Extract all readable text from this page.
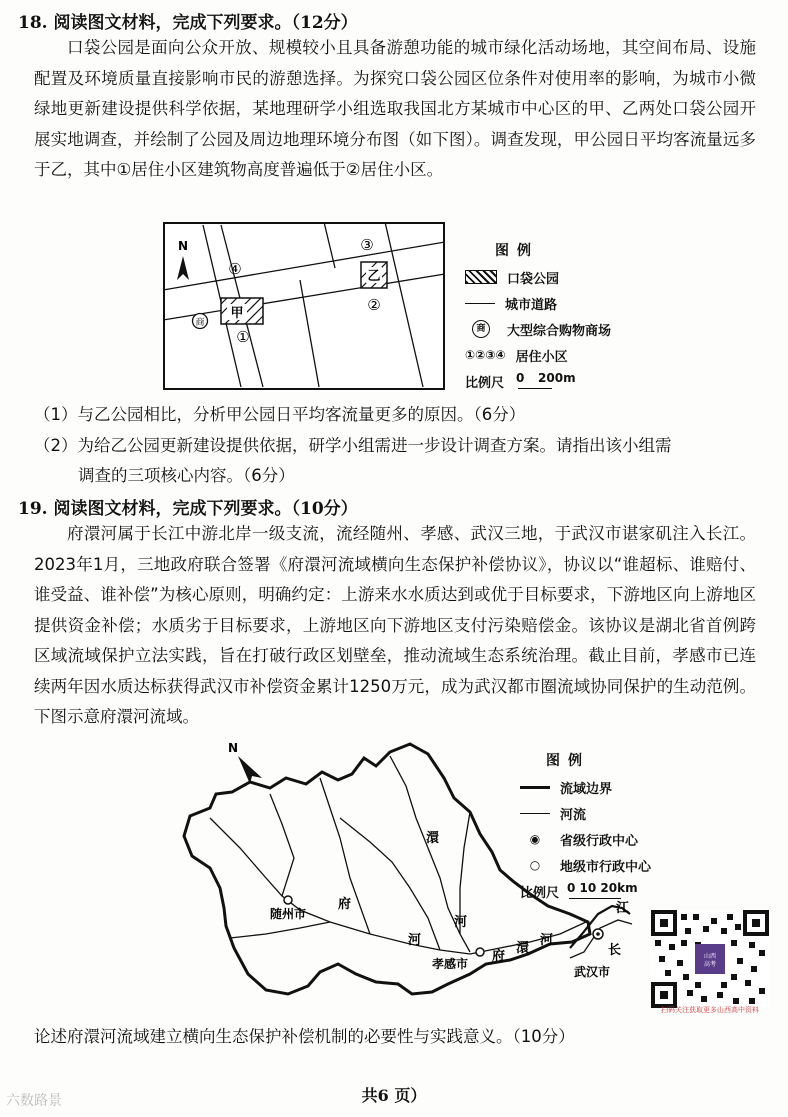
18. 阅读图文材料，完成下列要求。（12分）

口袋公园是面向公众开放、规模较小且具备游憩功能的城市绿化活动场地，其空间布局、设施配置及环境质量直接影响市民的游憩选择。为探究口袋公园区位条件对使用率的影响，为城市小微绿地更新建设提供科学依据，某地理研学小组选取我国北方某城市中心区的甲、乙两处口袋公园开展实地调查，并绘制了公园及周边地理环境分布图（如下图）。调查发现，甲公园日平均客流量远多于乙，其中①居住小区建筑物高度普遍低于②居住小区。

甲
乙
N
④
③
②
①
商
图例
口袋公园
城市道路
商	大型综合购物商场
①②③④ 居住小区
比例尺 0 200m

（1）与乙公园相比，分析甲公园日平均客流量更多的原因。（6分）

（2）为给乙公园更新建设提供依据，研学小组需进一步设计调查方案。请指出该小组需
调查的三项核心内容。（6分）

19. 阅读图文材料，完成下列要求。（10分）

府澴河属于长江中游北岸一级支流，流经随州、孝感、武汉三地，于武汉市谌家矶注入长江。2023年1月，三地政府联合签署《府澴河流域横向生态保护补偿协议》，协议以“谁超标、谁赔付、谁受益、谁补偿”为核心原则，明确约定：上游来水水质达到或优于目标要求，下游地区向上游地区提供资金补偿；水质劣于目标要求，上游地区向下游地区支付污染赔偿金。该协议是湖北省首例跨区域流域保护立法实践，旨在打破行政区划壁垒，推动流域生态系统治理。截止目前，孝感市已连续两年因水质达标获得武汉市补偿资金累计1250万元，成为武汉都市圈流域协同保护的生动范例。下图示意府澴河流域。

N
随州市
孝感市
武汉市
府
河
澴
河
府
澴
河
江
长
图例
流域边界
河流
◉	省级行政中心
○	地级市行政中心
比例尺 0 10 20km
山西
高考
扫码关注获取更多山西高中资料

论述府澴河流域建立横向生态保护补偿机制的必要性与实践意义。（10分）

六数路景	共6 页）
